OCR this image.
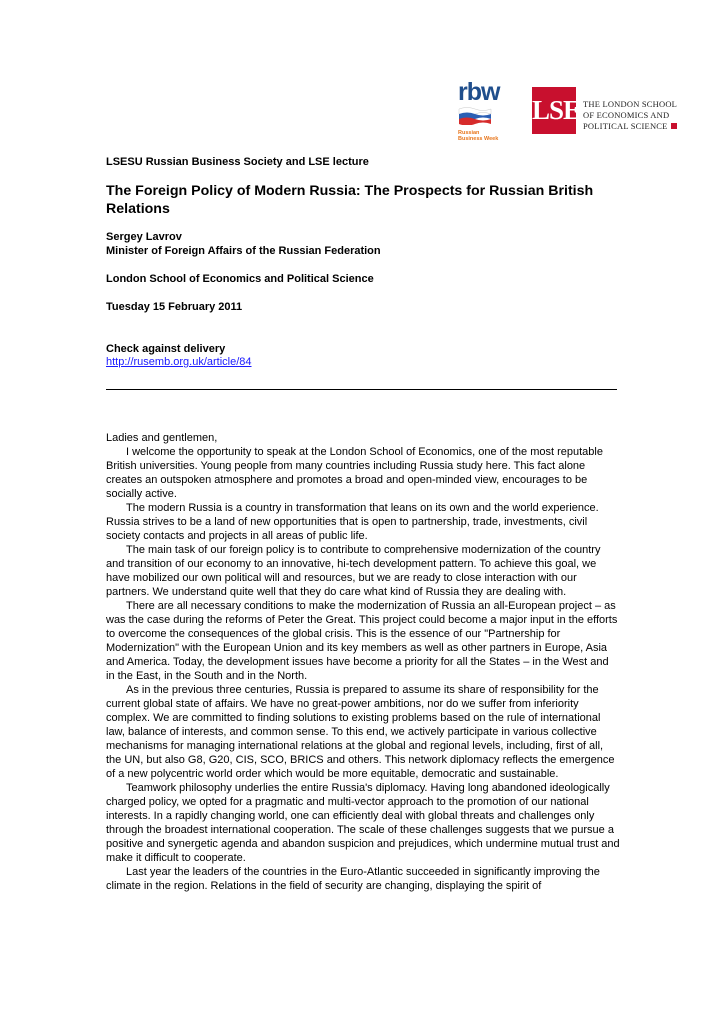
rbw
Russian
Business Week
LSE THE LONDON SCHOOL
OF ECONOMICS AND
POLITICAL SCIENCE
LSESU Russian Business Society and LSE lecture
The Foreign Policy of Modern Russia: The Prospects for Russian British Relations
Sergey Lavrov
Minister of Foreign Affairs of the Russian Federation
London School of Economics and Political Science
Tuesday 15 February 2011
Check against delivery
http://rusemb.org.uk/article/84

Ladies and gentlemen,

I welcome the opportunity to speak at the London School of Economics, one of the most reputable British universities. Young people from many countries including Russia study here. This fact alone creates an outspoken atmosphere and promotes a broad and open-minded view, encourages to be socially active.

The modern Russia is a country in transformation that leans on its own and the world experience. Russia strives to be a land of new opportunities that is open to partnership, trade, investments, civil society contacts and projects in all areas of public life.

The main task of our foreign policy is to contribute to comprehensive modernization of the country and transition of our economy to an innovative, hi-tech development pattern. To achieve this goal, we have mobilized our own political will and resources, but we are ready to close interaction with our partners. We understand quite well that they do care what kind of Russia they are dealing with.

There are all necessary conditions to make the modernization of Russia an all-European project – as was the case during the reforms of Peter the Great. This project could become a major input in the efforts to overcome the consequences of the global crisis. This is the essence of our "Partnership for Modernization" with the European Union and its key members as well as other partners in Europe, Asia and America. Today, the development issues have become a priority for all the States – in the West and in the East, in the South and in the North.

As in the previous three centuries, Russia is prepared to assume its share of responsibility for the current global state of affairs. We have no great-power ambitions, nor do we suffer from inferiority complex. We are committed to finding solutions to existing problems based on the rule of international law, balance of interests, and common sense. To this end, we actively participate in various collective mechanisms for managing international relations at the global and regional levels, including, first of all, the UN, but also G8, G20, CIS, SCO, BRICS and others. This network diplomacy reflects the emergence of a new polycentric world order which would be more equitable, democratic and sustainable.

Teamwork philosophy underlies the entire Russia's diplomacy. Having long abandoned ideologically charged policy, we opted for a pragmatic and multi-vector approach to the promotion of our national interests. In a rapidly changing world, one can efficiently deal with global threats and challenges only through the broadest international cooperation. The scale of these challenges suggests that we pursue a positive and synergetic agenda and abandon suspicion and prejudices, which undermine mutual trust and make it difficult to cooperate.

Last year the leaders of the countries in the Euro-Atlantic succeeded in significantly improving the climate in the region. Relations in the field of security are changing, displaying the spirit of
